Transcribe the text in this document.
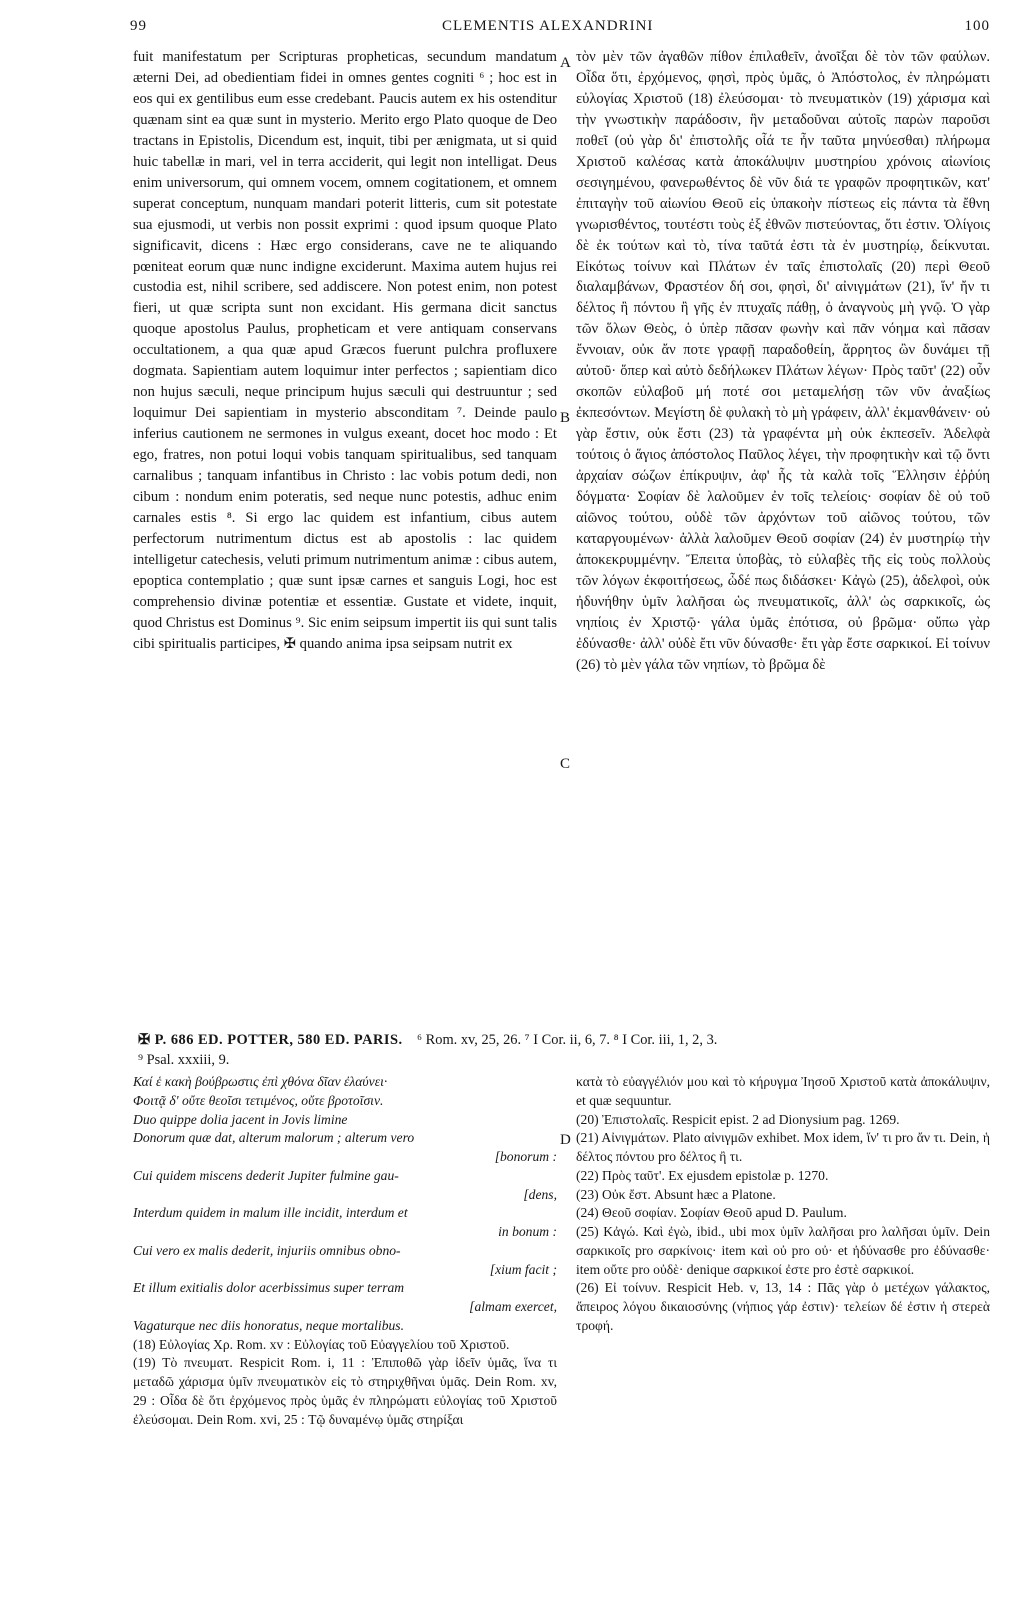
99	CLEMENTIS ALEXANDRINI	100

fuit manifestatum per Scripturas propheticas, secundum mandatum æterni Dei, ad obedientiam fidei in omnes gentes cogniti ⁶ ; hoc est in eos qui ex gentilibus eum esse credebant. Paucis autem ex his ostenditur quænam sint ea quæ sunt in mysterio. Merito ergo Plato quoque de Deo tractans in Epistolis, Dicendum est, inquit, tibi per ænigmata, ut si quid huic tabellæ in mari, vel in terra acciderit, qui legit non intelligat. Deus enim universorum, qui omnem vocem, omnem cogitationem, et omnem superat conceptum, nunquam mandari poterit litteris, cum sit potestate sua ejusmodi, ut verbis non possit exprimi : quod ipsum quoque Plato significavit, dicens : Hæc ergo considerans, cave ne te aliquando pœniteat eorum quæ nunc indigne exciderunt. Maxima autem hujus rei custodia est, nihil scribere, sed addiscere. Non potest enim, non potest fieri, ut quæ scripta sunt non excidant. His germana dicit sanctus quoque apostolus Paulus, propheticam et vere antiquam conservans occultationem, a qua quæ apud Græcos fuerunt pulchra profluxere dogmata. Sapientiam autem loquimur inter perfectos ; sapientiam dico non hujus sæculi, neque principum hujus sæculi qui destruuntur ; sed loquimur Dei sapientiam in mysterio absconditam ⁷. Deinde paulo inferius cautionem ne sermones in vulgus exeant, docet hoc modo : Et ego, fratres, non potui loqui vobis tanquam spiritualibus, sed tanquam carnalibus ; tanquam infantibus in Christo : lac vobis potum dedi, non cibum : nondum enim poteratis, sed neque nunc potestis, adhuc enim carnales estis ⁸. Si ergo lac quidem est infantium, cibus autem perfectorum nutrimentum dictus est ab apostolis : lac quidem intelligetur catechesis, veluti primum nutrimentum animæ : cibus autem, epoptica contemplatio ; quæ sunt ipsæ carnes et sanguis Logi, hoc est comprehensio divinæ potentiæ et essentiæ. Gustate et videte, inquit, quod Christus est Dominus ⁹. Sic enim seipsum impertit iis qui sunt talis cibi spiritualis participes, ✠ quando anima ipsa seipsam nutrit ex

A
B
C
D

τὸν μὲν τῶν ἀγαθῶν πίθον ἐπιλαθεῖν, ἀνοῖξαι δὲ τὸν τῶν φαύλων. Οἶδα ὅτι, ἐρχόμενος, φησὶ, πρὸς ὑμᾶς, ὁ Ἀπόστολος, ἐν πληρώματι εὐλογίας Χριστοῦ (18) ἐλεύσομαι· τὸ πνευματικὸν (19) χάρισμα καὶ τὴν γνωστικὴν παράδοσιν, ἣν μεταδοῦναι αὐτοῖς παρὼν παροῦσι ποθεῖ (οὐ γὰρ δι' ἐπιστολῆς οἷά τε ἦν ταῦτα μηνύεσθαι) πλήρωμα Χριστοῦ καλέσας κατὰ ἀποκάλυψιν μυστηρίου χρόνοις αἰωνίοις σεσιγημένου, φανερωθέντος δὲ νῦν διά τε γραφῶν προφητικῶν, κατ' ἐπιταγὴν τοῦ αἰωνίου Θεοῦ εἰς ὑπακοὴν πίστεως εἰς πάντα τὰ ἔθνη γνωρισθέντος, τουτέστι τοὺς ἐξ ἐθνῶν πιστεύοντας, ὅτι ἐστιν. Ὀλίγοις δὲ ἐκ τούτων καὶ τὸ, τίνα ταῦτά ἐστι τὰ ἐν μυστηρίῳ, δείκνυται. Εἰκότως τοίνυν καὶ Πλάτων ἐν ταῖς ἐπιστολαῖς (20) περὶ Θεοῦ διαλαμβάνων, Φραστέον δή σοι, φησὶ, δι' αἰνιγμάτων (21), ἵν' ἤν τι δέλτος ἢ πόντου ἢ γῆς ἐν πτυχαῖς πάθῃ, ὁ ἀναγνοὺς μὴ γνῷ. Ὁ γὰρ τῶν ὅλων Θεὸς, ὁ ὑπὲρ πᾶσαν φωνὴν καὶ πᾶν νόημα καὶ πᾶσαν ἔννοιαν, οὐκ ἄν ποτε γραφῇ παραδοθείη, ἄρρητος ὢν δυνάμει τῇ αὐτοῦ· ὅπερ καὶ αὐτὸ δεδήλωκεν Πλάτων λέγων· Πρὸς ταῦτ' (22) οὖν σκοπῶν εὐλαβοῦ μή ποτέ σοι μεταμελήσῃ τῶν νῦν ἀναξίως ἐκπεσόντων. Μεγίστη δὲ φυλακὴ τὸ μὴ γράφειν, ἀλλ' ἐκμανθάνειν· οὐ γὰρ ἔστιν, οὐκ ἔστι (23) τὰ γραφέντα μὴ οὐκ ἐκπεσεῖν. Ἀδελφὰ τούτοις ὁ ἅγιος ἀπόστολος Παῦλος λέγει, τὴν προφητικὴν καὶ τῷ ὄντι ἀρχαίαν σώζων ἐπίκρυψιν, ἀφ' ἧς τὰ καλὰ τοῖς Ἕλλησιν ἐῤῥύη δόγματα· Σοφίαν δὲ λαλοῦμεν ἐν τοῖς τελείοις· σοφίαν δὲ οὐ τοῦ αἰῶνος τούτου, οὐδὲ τῶν ἀρχόντων τοῦ αἰῶνος τούτου, τῶν καταργουμένων· ἀλλὰ λαλοῦμεν Θεοῦ σοφίαν (24) ἐν μυστηρίῳ τὴν ἀποκεκρυμμένην. Ἔπειτα ὑποβὰς, τὸ εὐλαβὲς τῆς εἰς τοὺς πολλοὺς τῶν λόγων ἐκφοιτήσεως, ὧδέ πως διδάσκει· Κἀγὼ (25), ἀδελφοὶ, οὐκ ἠδυνήθην ὑμῖν λαλῆσαι ὡς πνευματικοῖς, ἀλλ' ὡς σαρκικοῖς, ὡς νηπίοις ἐν Χριστῷ· γάλα ὑμᾶς ἐπότισα, οὐ βρῶμα· οὔπω γὰρ ἐδύνασθε· ἀλλ' οὐδὲ ἔτι νῦν δύνασθε· ἔτι γὰρ ἔστε σαρκικοί. Εἰ τοίνυν (26) τὸ μὲν γάλα τῶν νηπίων, τὸ βρῶμα δὲ

✠ P. 686 ED. POTTER, 580 ED. PARIS. ⁶ Rom. xv, 25, 26. ⁷ I Cor. ii, 6, 7. ⁸ I Cor. iii, 1, 2, 3.
⁹ Psal. xxxiii, 9.

Καί ἑ κακὴ βούβρωστις ἐπὶ χθόνα δῖαν ἐλαύνει·

Φοιτᾷ δ' οὔτε θεοῖσι τετιμένος, οὔτε βροτοῖσιν.

Duo quippe dolia jacent in Jovis limine

Donorum quæ dat, alterum malorum ; alterum vero

[bonorum :

Cui quidem miscens dederit Jupiter fulmine gau-

[dens,

Interdum quidem in malum ille incidit, interdum et

in bonum :

Cui vero ex malis dederit, injuriis omnibus obno-

[xium facit ;

Et illum exitialis dolor acerbissimus super terram

[almam exercet,

Vagaturque nec diis honoratus, neque mortalibus.

(18) Εὐλογίας Χρ. Rom. xv : Εὐλογίας τοῦ Εὐαγγελίου τοῦ Χριστοῦ.

(19) Τὸ πνευματ. Respicit Rom. i, 11 : Ἐπιποθῶ γὰρ ἰδεῖν ὑμᾶς, ἵνα τι μεταδῶ χάρισμα ὑμῖν πνευματικὸν εἰς τὸ στηριχθῆναι ὑμᾶς. Dein Rom. xv, 29 : Οἶδα δὲ ὅτι ἐρχόμενος πρὸς ὑμᾶς ἐν πληρώματι εὐλογίας τοῦ Χριστοῦ ἐλεύσομαι. Dein Rom. xvi, 25 : Τῷ δυναμένῳ ὑμᾶς στηρίξαι

κατὰ τὸ εὐαγγέλιόν μου καὶ τὸ κήρυγμα Ἰησοῦ Χριστοῦ κατὰ ἀποκάλυψιν, et quæ sequuntur.

(20) Ἐπιστολαῖς. Respicit epist. 2 ad Dionysium pag. 1269.

(21) Αἰνιγμάτων. Plato αἰνιγμῶν exhibet. Mox idem, ἵν' τι pro ἄν τι. Dein, ἡ δέλτος πόντου pro δέλτος ἢ τι.

(22) Πρὸς ταῦτ'. Ex ejusdem epistolæ p. 1270.

(23) Οὐκ ἔστ. Absunt hæc a Platone.

(24) Θεοῦ σοφίαν. Σοφίαν Θεοῦ apud D. Paulum.

(25) Κἀγώ. Καὶ ἐγὼ, ibid., ubi mox ὑμῖν λαλῆσαι pro λαλῆσαι ὑμῖν. Dein σαρκικοῖς pro σαρκίνοις· item καὶ οὐ pro οὐ· et ἠδύνασθε pro ἐδύνασθε· item οὔτε pro οὐδὲ· denique σαρκικοί ἐστε pro ἐστὲ σαρκικοί.

(26) Εἰ τοίνυν. Respicit Heb. v, 13, 14 : Πᾶς γὰρ ὁ μετέχων γάλακτος, ἄπειρος λόγου δικαιοσύνης (νήπιος γάρ ἐστιν)· τελείων δέ ἐστιν ἡ στερεὰ τροφή.
